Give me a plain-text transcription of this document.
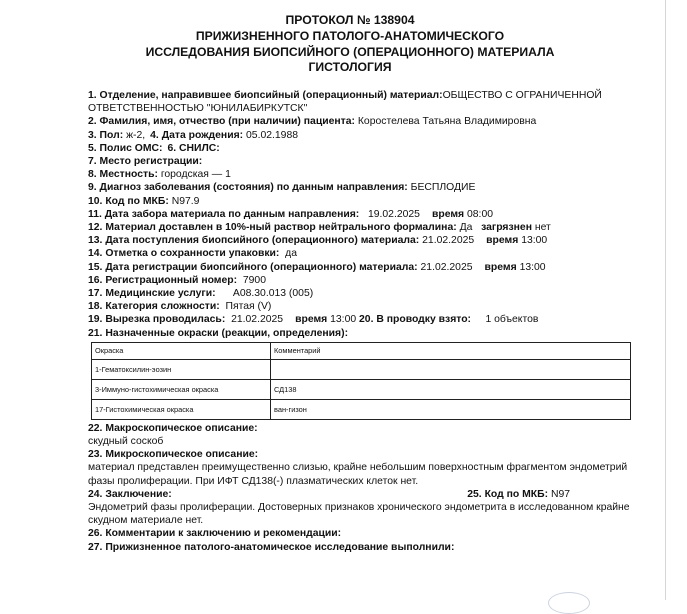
ПРОТОКОЛ № 138904
ПРИЖИЗНЕННОГО ПАТОЛОГО-АНАТОМИЧЕСКОГО
ИССЛЕДОВАНИЯ БИОПСИЙНОГО (ОПЕРАЦИОННОГО) МАТЕРИАЛА
ГИСТОЛОГИЯ
1. Отделение, направившее биопсийный (операционный) материал:ОБЩЕСТВО С ОГРАНИЧЕННОЙ ОТВЕТСТВЕННОСТЬЮ "ЮНИЛАБИРКУТСК"
2. Фамилия, имя, отчество (при наличии) пациента: Коростелева Татьяна Владимировна
3. Пол: ж-2, 4. Дата рождения: 05.02.1988
5. Полис ОМС: 6. СНИЛС:
7. Место регистрации:
8. Местность: городская — 1
9. Диагноз заболевания (состояния) по данным направления: БЕСПЛОДИЕ
10. Код по МКБ: N97.9
11. Дата забора материала по данным направления: 19.02.2025 время 08:00
12. Материал доставлен в 10%-ный раствор нейтрального формалина: Да загрязнен нет
13. Дата поступления биопсийного (операционного) материала: 21.02.2025 время 13:00
14. Отметка о сохранности упаковки: да
15. Дата регистрации биопсийного (операционного) материала: 21.02.2025 время 13:00
16. Регистрационный номер: 7900
17. Медицинские услуги: A08.30.013 (005)
18. Категория сложности: Пятая (V)
19. Вырезка проводилась: 21.02.2025 время 13:00 20. В проводку взято: 1 объектов
21. Назначенные окраски (реакции, определения):
Окраска	Комментарий
1-Гематоксилин-эозин	
3-Иммуно-гистохимическая окраска	СД138
17-Гистохимическая окраска	ван-гизон
22. Макроскопическое описание:
скудный соскоб
23. Микроскопическое описание:
материал представлен преимущественно слизью, крайне небольшим поверхностным фрагментом эндометрий фазы пролиферации. При ИФТ СД138(-) плазматических клеток нет.
24. Заключение:	25. Код по МКБ: N97
Эндометрий фазы пролиферации. Достоверных признаков хронического эндометрита в исследованном крайне скудном материале нет.
26. Комментарии к заключению и рекомендации:
27. Прижизненное патолого-анатомическое исследование выполнили:
